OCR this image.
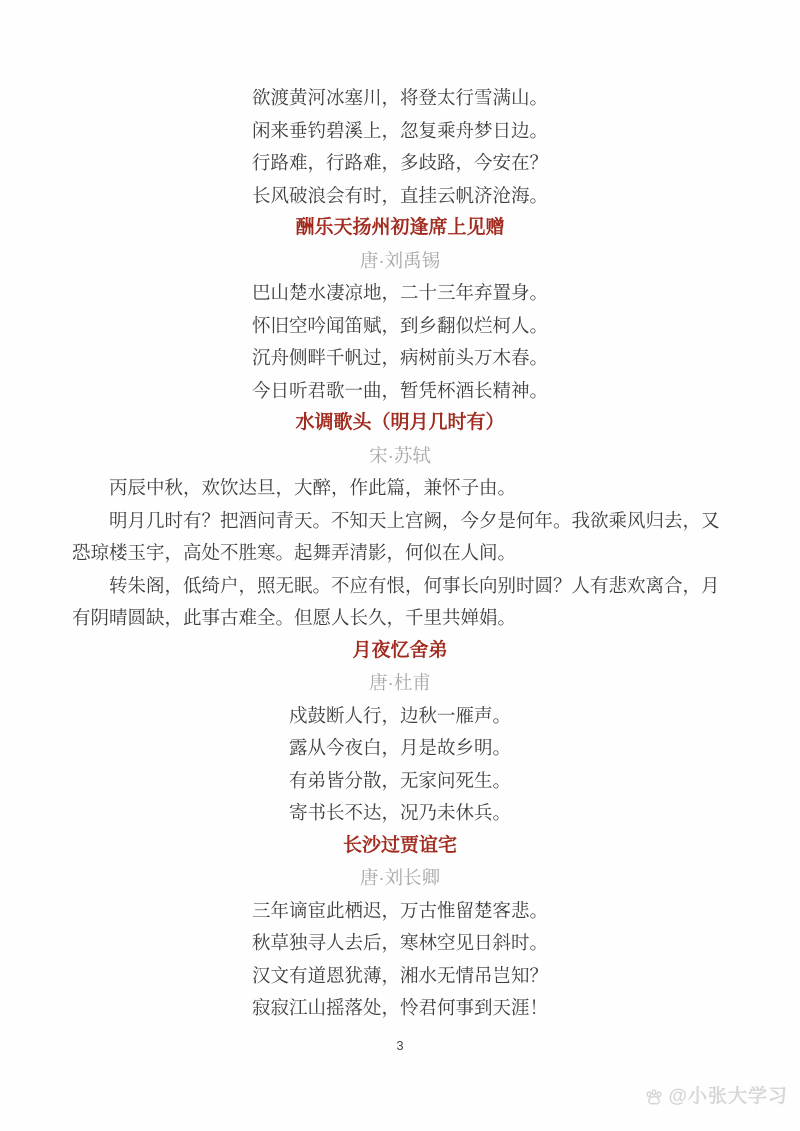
欲渡黄河冰塞川，将登太行雪满山。

闲来垂钓碧溪上，忽复乘舟梦日边。

行路难，行路难，多歧路，今安在？

长风破浪会有时，直挂云帆济沧海。

酬乐天扬州初逢席上见赠
唐·刘禹锡

巴山楚水凄凉地，二十三年弃置身。

怀旧空吟闻笛赋，到乡翻似烂柯人。

沉舟侧畔千帆过，病树前头万木春。

今日听君歌一曲，暂凭杯酒长精神。

水调歌头（明月几时有）
宋·苏轼

丙辰中秋，欢饮达旦，大醉，作此篇，兼怀子由。

明月几时有？把酒问青天。不知天上宫阙，今夕是何年。我欲乘风归去，又恐琼楼玉宇，高处不胜寒。起舞弄清影，何似在人间。

转朱阁，低绮户，照无眠。不应有恨，何事长向别时圆？人有悲欢离合，月有阴晴圆缺，此事古难全。但愿人长久，千里共婵娟。

月夜忆舍弟
唐·杜甫

戍鼓断人行，边秋一雁声。

露从今夜白，月是故乡明。

有弟皆分散，无家问死生。

寄书长不达，况乃未休兵。

长沙过贾谊宅
唐·刘长卿

三年谪宦此栖迟，万古惟留楚客悲。

秋草独寻人去后，寒林空见日斜时。

汉文有道恩犹薄，湘水无情吊岂知？

寂寂江山摇落处，怜君何事到天涯！

3
@小张大学习
